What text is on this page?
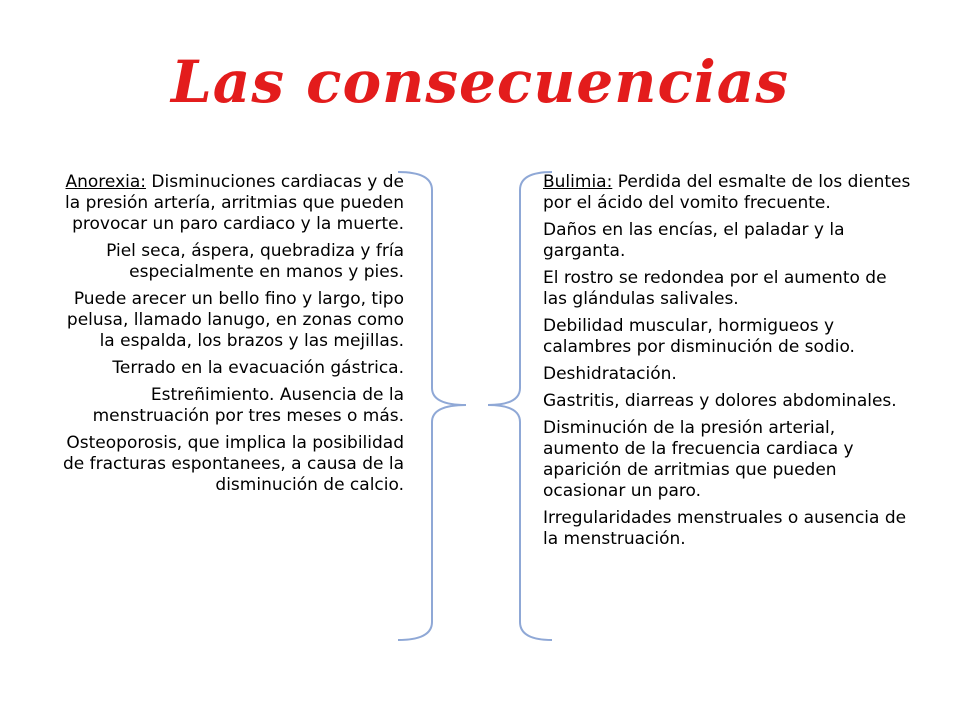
Las consecuencias

Anorexia: Disminuciones cardiacas y de la presión artería, arritmias que pueden provocar un paro cardiaco y la muerte.

Piel seca, áspera, quebradiza y fría especialmente en manos y pies.

Puede arecer un bello fino y largo, tipo pelusa, llamado lanugo, en zonas como la espalda, los brazos y las mejillas.

Terrado en la evacuación gástrica.

Estreñimiento. Ausencia de la menstruación por tres meses o más.

Osteoporosis, que implica la posibilidad de fracturas espontanees, a causa de la disminución de calcio.

Bulimia: Perdida del esmalte de los dientes por el ácido del vomito frecuente.

Daños en las encías, el paladar y la garganta.

El rostro se redondea por el aumento de las glándulas salivales.

Debilidad muscular, hormigueos y calambres por disminución de sodio.

Deshidratación.

Gastritis, diarreas y dolores abdominales.

Disminución de la presión arterial, aumento de la frecuencia cardiaca y aparición de arritmias que pueden ocasionar un paro.

Irregularidades menstruales o ausencia de la menstruación.
